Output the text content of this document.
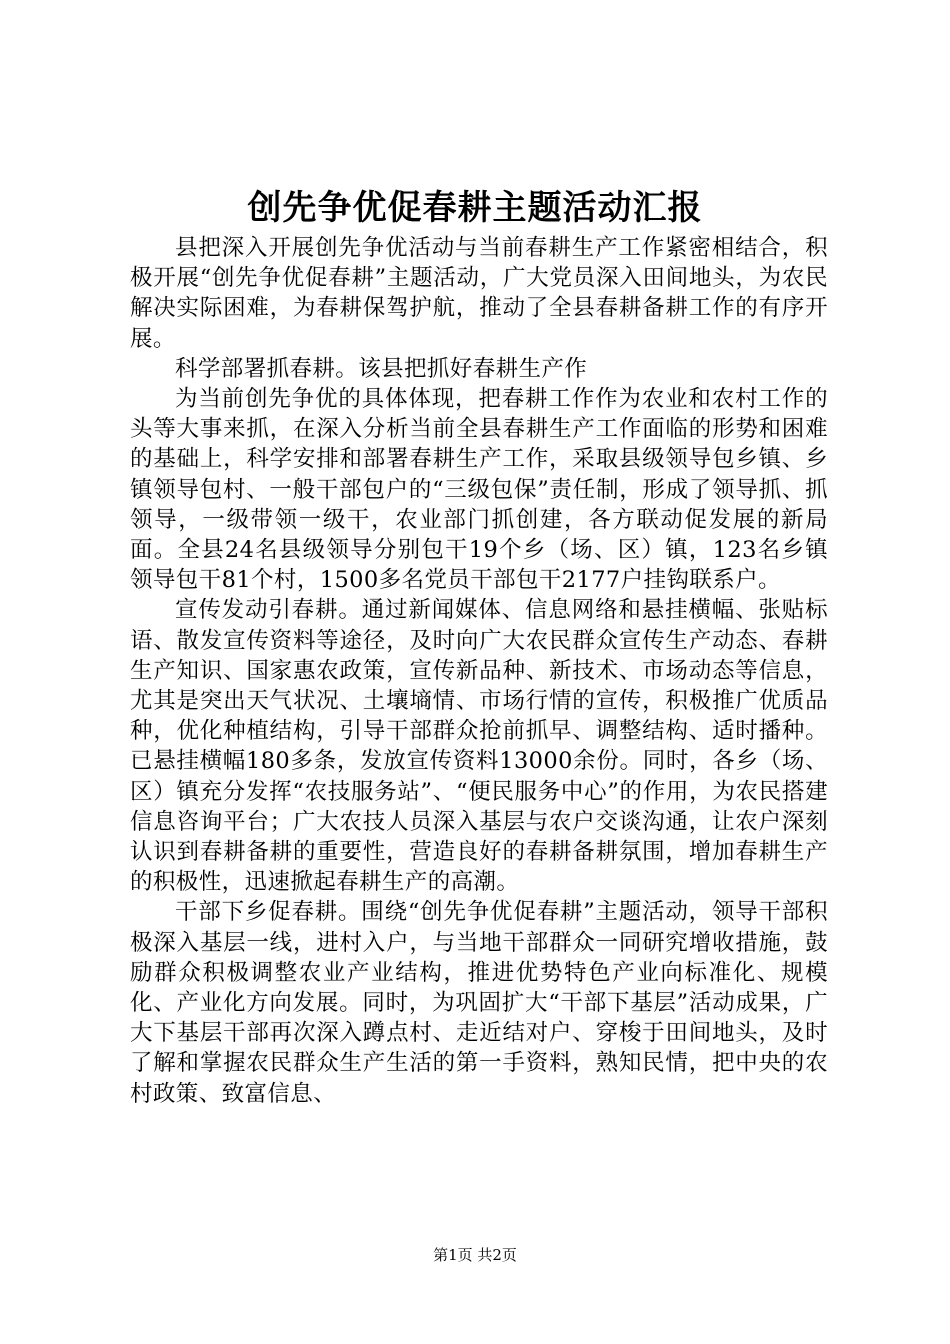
创先争优促春耕主题活动汇报

县把深入开展创先争优活动与当前春耕生产工作紧密相结合，积极开展“创先争优促春耕”主题活动，广大党员深入田间地头，为农民解决实际困难，为春耕保驾护航，推动了全县春耕备耕工作的有序开展。

科学部署抓春耕。该县把抓好春耕生产作

为当前创先争优的具体体现，把春耕工作作为农业和农村工作的头等大事来抓，在深入分析当前全县春耕生产工作面临的形势和困难的基础上，科学安排和部署春耕生产工作，采取县级领导包乡镇、乡镇领导包村、一般干部包户的“三级包保”责任制，形成了领导抓、抓领导，一级带领一级干，农业部门抓创建，各方联动促发展的新局面。全县24名县级领导分别包干19个乡（场、区）镇，123名乡镇领导包干81个村，1500多名党员干部包干2177户挂钩联系户。

宣传发动引春耕。通过新闻媒体、信息网络和悬挂横幅、张贴标语、散发宣传资料等途径，及时向广大农民群众宣传生产动态、春耕生产知识、国家惠农政策，宣传新品种、新技术、市场动态等信息，尤其是突出天气状况、土壤墒情、市场行情的宣传，积极推广优质品种，优化种植结构，引导干部群众抢前抓早、调整结构、适时播种。已悬挂横幅180多条，发放宣传资料13000余份。同时，各乡（场、区）镇充分发挥“农技服务站”、“便民服务中心”的作用，为农民搭建信息咨询平台；广大农技人员深入基层与农户交谈沟通，让农户深刻认识到春耕备耕的重要性，营造良好的春耕备耕氛围，增加春耕生产的积极性，迅速掀起春耕生产的高潮。

干部下乡促春耕。围绕“创先争优促春耕”主题活动，领导干部积极深入基层一线，进村入户，与当地干部群众一同研究增收措施，鼓励群众积极调整农业产业结构，推进优势特色产业向标准化、规模化、产业化方向发展。同时，为巩固扩大“干部下基层”活动成果，广大下基层干部再次深入蹲点村、走近结对户、穿梭于田间地头，及时了解和掌握农民群众生产生活的第一手资料，熟知民情，把中央的农村政策、致富信息、

第1页 共2页
